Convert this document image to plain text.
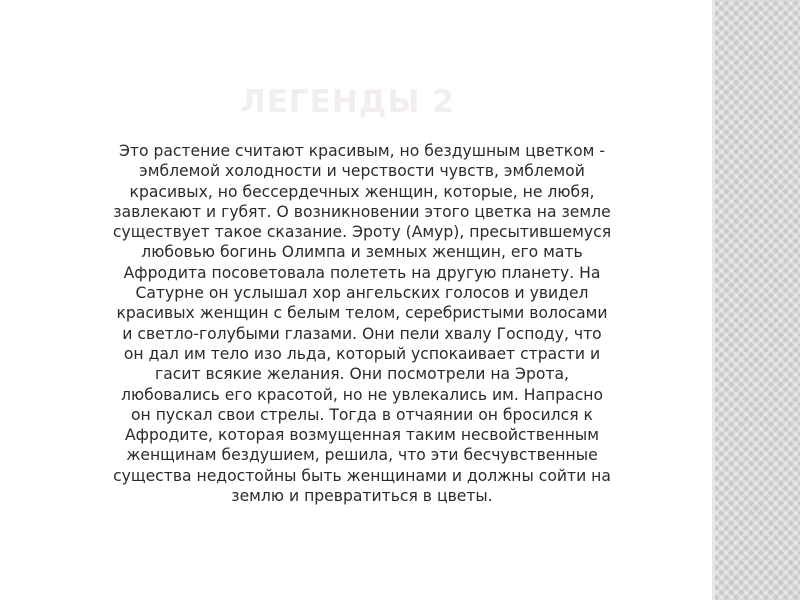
ЛЕГЕНДЫ 2
Это растение считают красивым, но бездушным цветком -
эмблемой холодности и черствости чувств, эмблемой
красивых, но бессердечных женщин, которые, не любя,
завлекают и губят. О возникновении этого цветка на земле
существует такое сказание. Эроту (Амур), пресытившемуся
любовью богинь Олимпа и земных женщин, его мать
Афродита посоветовала полететь на другую планету. На
Сатурне он услышал хор ангельских голосов и увидел
красивых женщин с белым телом, серебристыми волосами
и светло-голубыми глазами. Они пели хвалу Господу, что
он дал им тело изо льда, который успокаивает страсти и
гасит всякие желания. Они посмотрели на Эрота,
любовались его красотой, но не увлекались им. Напрасно
он пускал свои стрелы. Тогда в отчаянии он бросился к
Афродите, которая возмущенная таким несвойственным
женщинам бездушием, решила, что эти бесчувственные
существа недостойны быть женщинами и должны сойти на
землю и превратиться в цветы.
